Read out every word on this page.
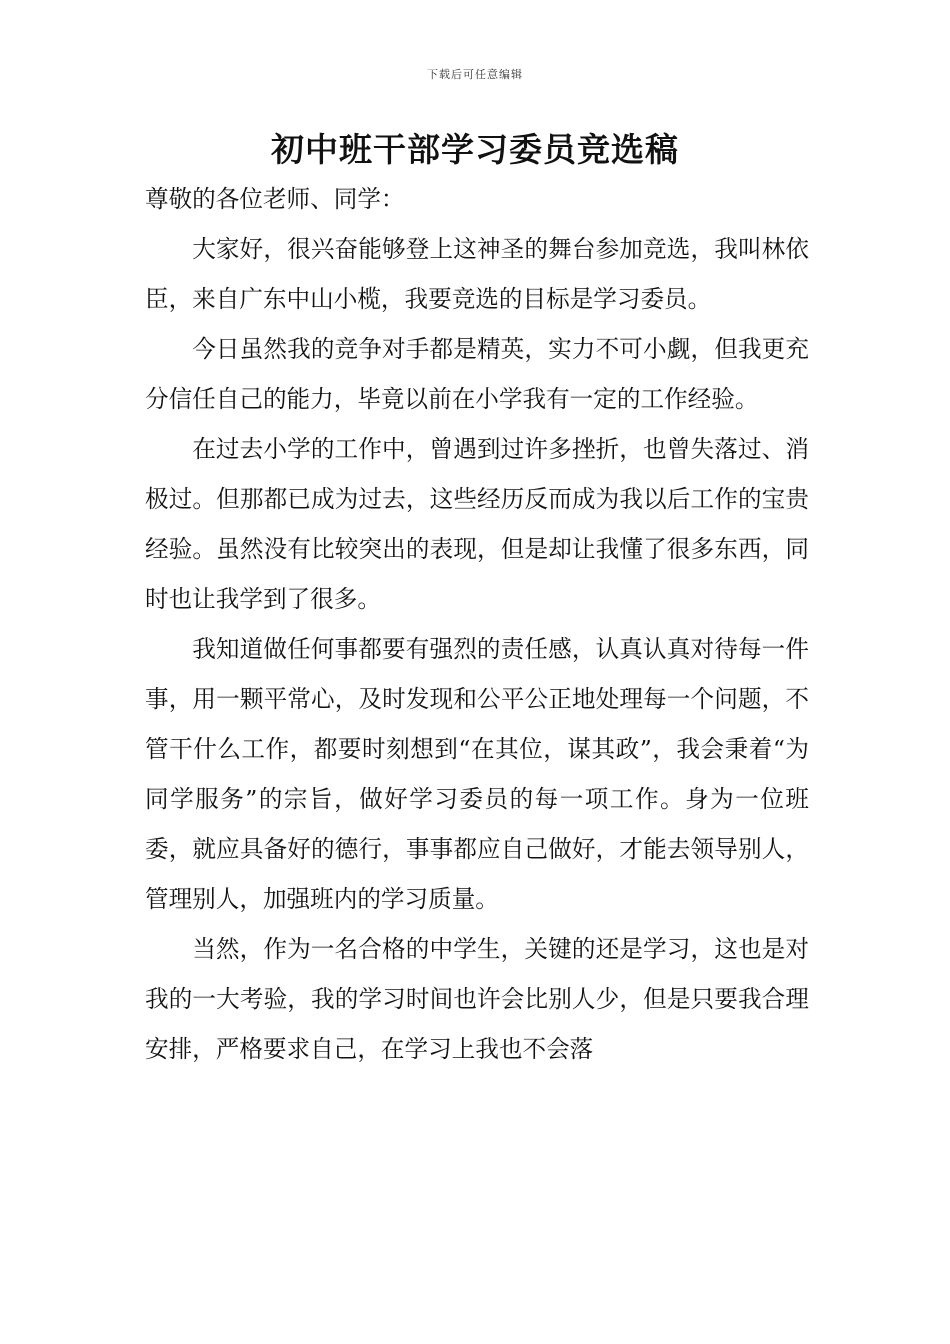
下载后可任意编辑
初中班干部学习委员竞选稿

尊敬的各位老师、同学：

大家好，很兴奋能够登上这神圣的舞台参加竞选，我叫林依臣，来自广东中山小榄，我要竞选的目标是学习委员。

今日虽然我的竞争对手都是精英，实力不可小觑，但我更充分信任自己的能力，毕竟以前在小学我有一定的工作经验。

在过去小学的工作中，曾遇到过许多挫折，也曾失落过、消极过。但那都已成为过去，这些经历反而成为我以后工作的宝贵经验。虽然没有比较突出的表现，但是却让我懂了很多东西，同时也让我学到了很多。

我知道做任何事都要有强烈的责任感，认真认真对待每一件事，用一颗平常心，及时发现和公平公正地处理每一个问题，不管干什么工作，都要时刻想到“在其位，谋其政”，我会秉着“为同学服务”的宗旨，做好学习委员的每一项工作。身为一位班委，就应具备好的德行，事事都应自己做好，才能去领导别人，管理别人，加强班内的学习质量。

当然，作为一名合格的中学生，关键的还是学习，这也是对我的一大考验，我的学习时间也许会比别人少，但是只要我合理安排，严格要求自己，在学习上我也不会落
